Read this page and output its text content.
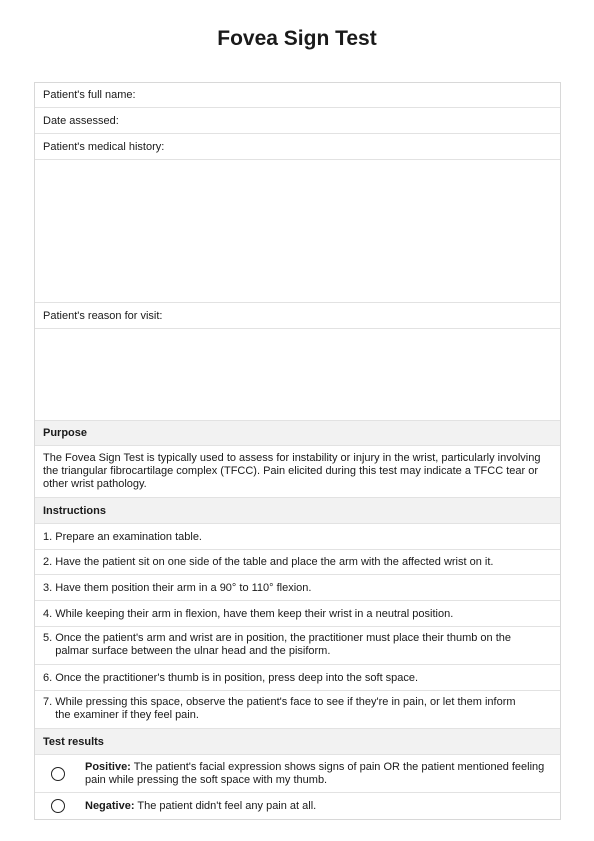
Fovea Sign Test
Patient's full name:
Date assessed:
Patient's medical history:
Patient's reason for visit:
Purpose
The Fovea Sign Test is typically used to assess for instability or injury in the wrist, particularly involving the triangular fibrocartilage complex (TFCC). Pain elicited during this test may indicate a TFCC tear or other wrist pathology.
Instructions
1. Prepare an examination table.
2. Have the patient sit on one side of the table and place the arm with the affected wrist on it.
3. Have them position their arm in a 90° to 110° flexion.
4. While keeping their arm in flexion, have them keep their wrist in a neutral position.
5. Once the patient's arm and wrist are in position, the practitioner must place their thumb on the
palmar surface between the ulnar head and the pisiform.
6. Once the practitioner's thumb is in position, press deep into the soft space.
7. While pressing this space, observe the patient's face to see if they're in pain, or let them inform
the examiner if they feel pain.
Test results
Positive: The patient's facial expression shows signs of pain OR the patient mentioned feeling pain while pressing the soft space with my thumb.
Negative: The patient didn't feel any pain at all.
